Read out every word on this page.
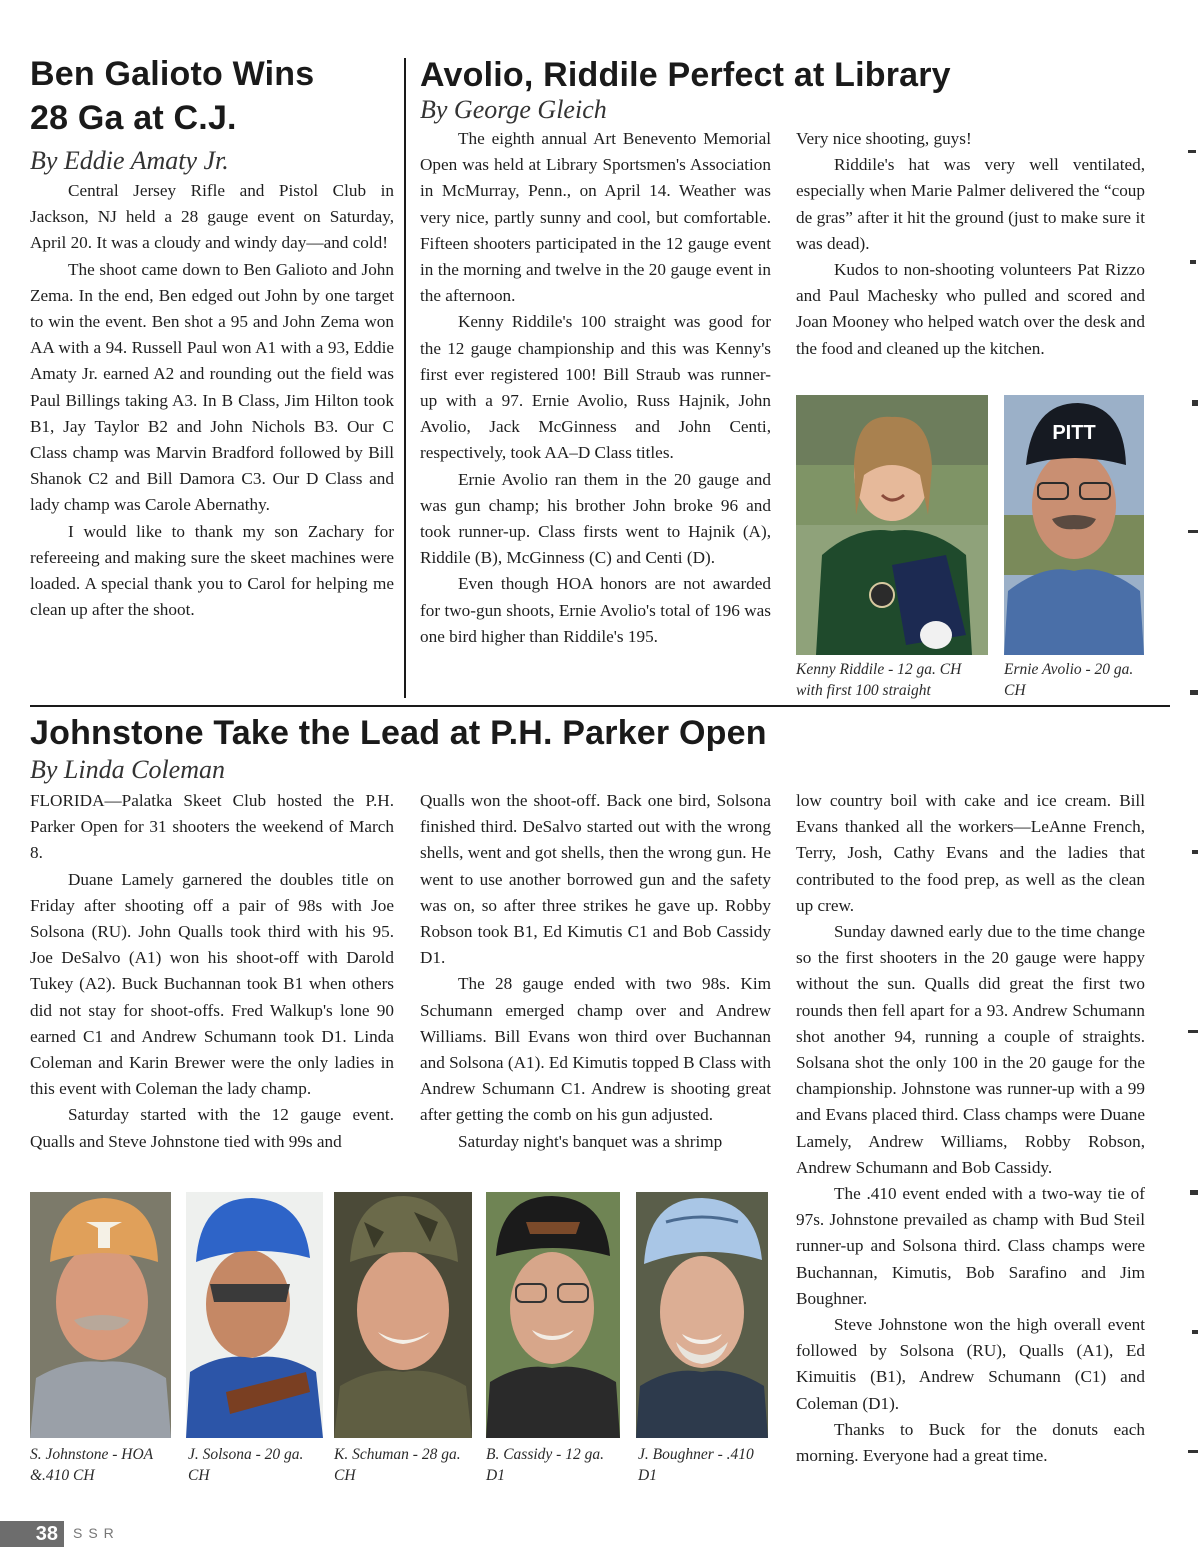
Ben Galioto Wins
28 Ga at C.J.
By Eddie Amaty Jr.

Central Jersey Rifle and Pistol Club in Jackson, NJ held a 28 gauge event on Saturday, April 20. It was a cloudy and windy day—and cold!

The shoot came down to Ben Galioto and John Zema. In the end, Ben edged out John by one target to win the event. Ben shot a 95 and John Zema won AA with a 94. Russell Paul won A1 with a 93, Eddie Amaty Jr. earned A2 and rounding out the field was Paul Billings taking A3. In B Class, Jim Hilton took B1, Jay Taylor B2 and John Nichols B3. Our C Class champ was Marvin Bradford followed by Bill Shanok C2 and Bill Damora C3. Our D Class and lady champ was Carole Abernathy.

I would like to thank my son Zachary for refereeing and making sure the skeet machines were loaded. A special thank you to Carol for helping me clean up after the shoot.

Avolio, Riddile Perfect at Library
By George Gleich

The eighth annual Art Benevento Memorial Open was held at Library Sportsmen's Association in McMurray, Penn., on April 14. Weather was very nice, partly sunny and cool, but comfortable. Fifteen shooters participated in the 12 gauge event in the morning and twelve in the 20 gauge event in the afternoon.

Kenny Riddile's 100 straight was good for the 12 gauge championship and this was Kenny's first ever registered 100! Bill Straub was runner-up with a 97. Ernie Avolio, Russ Hajnik, John Avolio, Jack McGinness and John Centi, respectively, took AA–D Class titles.

Ernie Avolio ran them in the 20 gauge and was gun champ; his brother John broke 96 and took runner-up. Class firsts went to Hajnik (A), Riddile (B), McGinness (C) and Centi (D).

Even though HOA honors are not awarded for two-gun shoots, Ernie Avolio's total of 196 was one bird higher than Riddile's 195.

Very nice shooting, guys!

Riddile's hat was very well ventilated, especially when Marie Palmer delivered the “coup de gras” after it hit the ground (just to make sure it was dead).

Kudos to non-shooting volunteers Pat Rizzo and Paul Machesky who pulled and scored and Joan Mooney who helped watch over the desk and the food and cleaned up the kitchen.

PITT
Kenny Riddile - 12 ga. CH with first 100 straight
Ernie Avolio - 20 ga. CH
Johnstone Take the Lead at P.H. Parker Open
By Linda Coleman

FLORIDA—Palatka Skeet Club hosted the P.H. Parker Open for 31 shooters the weekend of March 8.

Duane Lamely garnered the doubles title on Friday after shooting off a pair of 98s with Joe Solsona (RU). John Qualls took third with his 95. Joe DeSalvo (A1) won his shoot-off with Darold Tukey (A2). Buck Buchannan took B1 when others did not stay for shoot-offs. Fred Walkup's lone 90 earned C1 and Andrew Schumann took D1. Linda Coleman and Karin Brewer were the only ladies in this event with Coleman the lady champ.

Saturday started with the 12 gauge event. Qualls and Steve Johnstone tied with 99s and

Qualls won the shoot-off. Back one bird, Solsona finished third. DeSalvo started out with the wrong shells, went and got shells, then the wrong gun. He went to use another borrowed gun and the safety was on, so after three strikes he gave up. Robby Robson took B1, Ed Kimutis C1 and Bob Cassidy D1.

The 28 gauge ended with two 98s. Kim Schumann emerged champ over and Andrew Williams. Bill Evans won third over Buchannan and Solsona (A1). Ed Kimutis topped B Class with Andrew Schumann C1. Andrew is shooting great after getting the comb on his gun adjusted.

Saturday night's banquet was a shrimp

low country boil with cake and ice cream. Bill Evans thanked all the workers—LeAnne French, Terry, Josh, Cathy Evans and the ladies that contributed to the food prep, as well as the clean up crew.

Sunday dawned early due to the time change so the first shooters in the 20 gauge were happy without the sun. Qualls did great the first two rounds then fell apart for a 93. Andrew Schumann shot another 94, running a couple of straights. Solsana shot the only 100 in the 20 gauge for the championship. Johnstone was runner-up with a 99 and Evans placed third. Class champs were Duane Lamely, Andrew Williams, Robby Robson, Andrew Schumann and Bob Cassidy.

The .410 event ended with a two-way tie of 97s. Johnstone prevailed as champ with Bud Steil runner-up and Solsona third. Class champs were Buchannan, Kimutis, Bob Sarafino and Jim Boughner.

Steve Johnstone won the high overall event followed by Solsona (RU), Qualls (A1), Ed Kimuitis (B1), Andrew Schumann (C1) and Coleman (D1).

Thanks to Buck for the donuts each morning. Everyone had a great time.

S. Johnstone - HOA &.410 CH
J. Solsona - 20 ga. CH
K. Schuman - 28 ga. CH
B. Cassidy - 12 ga. D1
J. Boughner - .410 D1
38	SSR
